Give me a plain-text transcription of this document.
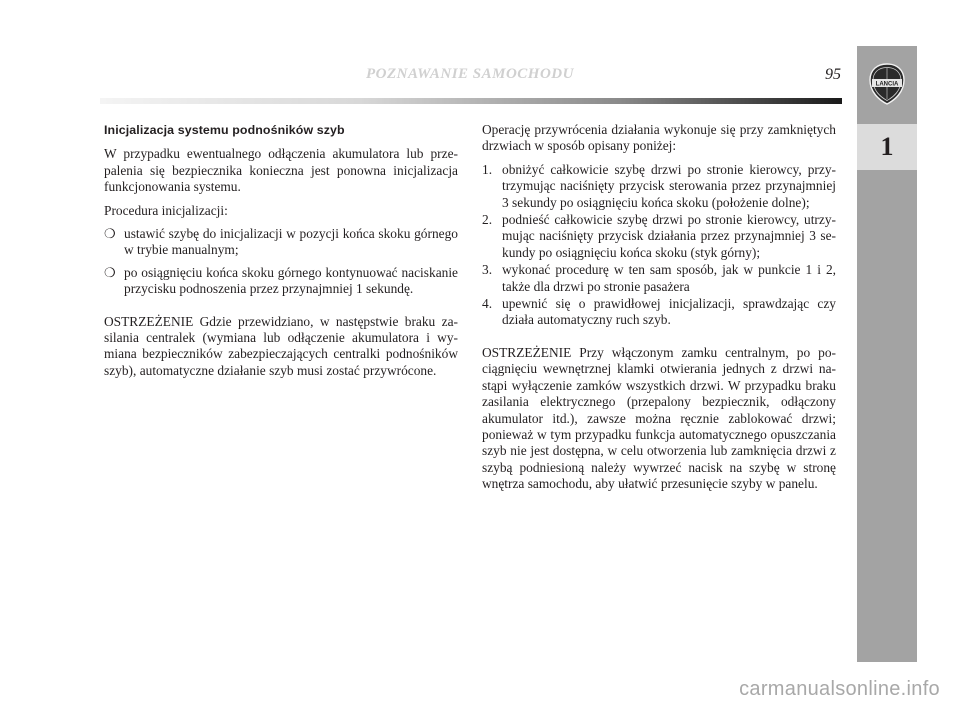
POZNAWANIE SAMOCHODU	95
LANCIA
1

Inicjalizacja systemu podnośników szyb

W przypadku ewentualnego odłączenia akumulatora lub przepalenia się bezpiecznika konieczna jest ponowna inicjalizacja funkcjonowania systemu.

Procedura inicjalizacji:

❍ ustawić szybę do inicjalizacji w pozycji końca skoku górnego w trybie manualnym;
❍ po osiągnięciu końca skoku górnego kontynuować naciskanie przycisku podnoszenia przez przynajmniej 1 sekundę.

OSTRZEŻENIE Gdzie przewidziano, w następstwie braku zasilania centralek (wymiana lub odłączenie akumulatora i wymiana bezpieczników zabezpieczających centralki podnośników szyb), automatyczne działanie szyb musi zostać przywrócone.

Operację przywrócenia działania wykonuje się przy zamkniętych drzwiach w sposób opisany poniżej:

1. obniżyć całkowicie szybę drzwi po stronie kierowcy, przytrzymując naciśnięty przycisk sterowania przez przynajmniej 3 sekundy po osiągnięciu końca skoku (położenie dolne);
2. podnieść całkowicie szybę drzwi po stronie kierowcy, utrzymując naciśnięty przycisk działania przez przynajmniej 3 sekundy po osiągnięciu końca skoku (styk górny);
3. wykonać procedurę w ten sam sposób, jak w punkcie 1 i 2, także dla drzwi po stronie pasażera
4. upewnić się o prawidłowej inicjalizacji, sprawdzając czy działa automatyczny ruch szyb.

OSTRZEŻENIE Przy włączonym zamku centralnym, po pociągnięciu wewnętrznej klamki otwierania jednych z drzwi nastąpi wyłączenie zamków wszystkich drzwi. W przypadku braku zasilania elektrycznego (przepalony bezpiecznik, odłączony akumulator itd.), zawsze można ręcznie zablokować drzwi; ponieważ w tym przypadku funkcja automatycznego opuszczania szyb nie jest dostępna, w celu otworzenia lub zamknięcia drzwi z szybą podniesioną należy wywrzeć nacisk na szybę w stronę wnętrza samochodu, aby ułatwić przesunięcie szyby w panelu.

carmanualsonline.info
